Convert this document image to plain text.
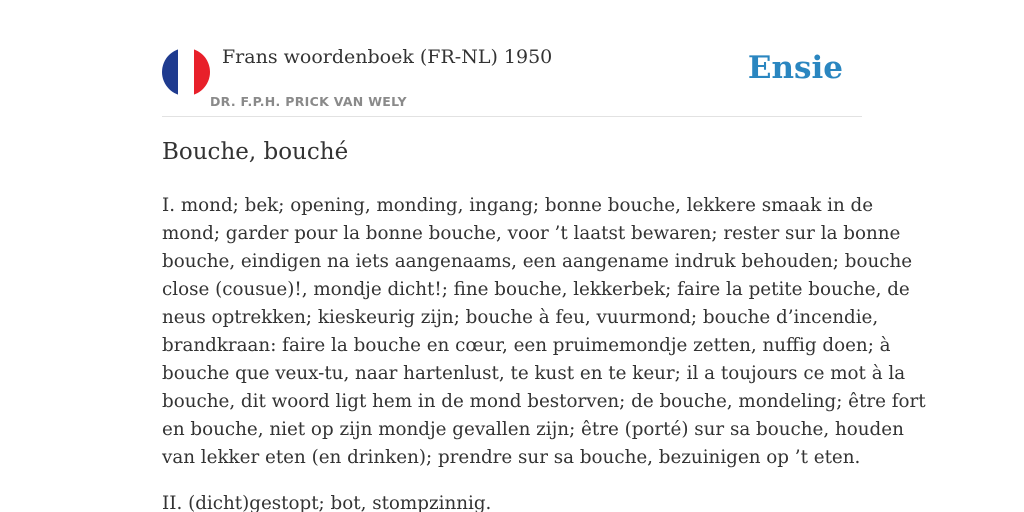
Frans woordenboek (FR-NL) 1950
DR. F.P.H. PRICK VAN WELY
Ensie
Bouche, bouché

I. mond; bek; opening, monding, ingang; bonne bouche, lekkere smaak in de
mond; garder pour la bonne bouche, voor ’t laatst bewaren; rester sur la bonne
bouche, eindigen na iets aangenaams, een aangename indruk behouden; bouche
close (cousue)!, mondje dicht!; fine bouche, lekkerbek; faire la petite bouche, de
neus optrekken; kieskeurig zijn; bouche à feu, vuurmond; bouche d’incendie,
brandkraan: faire la bouche en cœur, een pruimemondje zetten, nuffig doen; à
bouche que veux-tu, naar hartenlust, te kust en te keur; il a toujours ce mot à la
bouche, dit woord ligt hem in de mond bestorven; de bouche, mondeling; être fort
en bouche, niet op zijn mondje gevallen zijn; être (porté) sur sa bouche, houden
van lekker eten (en drinken); prendre sur sa bouche, bezuinigen op ’t eten.

II. (dicht)gestopt; bot, stompzinnig.
